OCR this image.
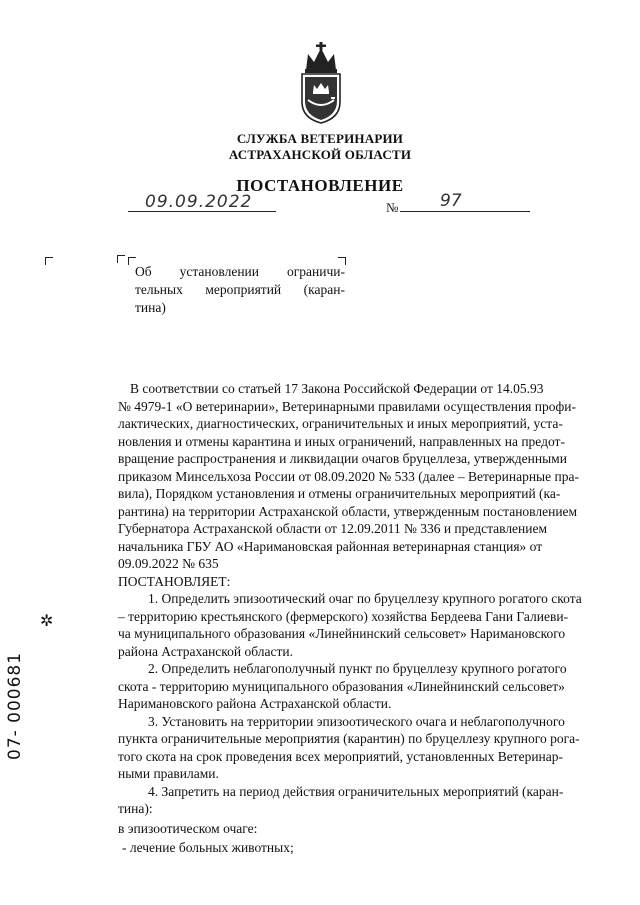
СЛУЖБА ВЕТЕРИНАРИИ
АСТРАХАНСКОЙ ОБЛАСТИ
ПОСТАНОВЛЕНИЕ
09.09.2022	№ 97
Об установлении ограничи-
тельных мероприятий (каран-
тина)
В соответствии со статьей 17 Закона Российской Федерации от 14.05.93
№ 4979-1 «О ветеринарии», Ветеринарными правилами осуществления профи-
лактических, диагностических, ограничительных и иных мероприятий, уста-
новления и отмены карантина и иных ограничений, направленных на предот-
вращение распространения и ликвидации очагов бруцеллеза, утвержденными
приказом Минсельхоза России от 08.09.2020 № 533 (далее – Ветеринарные пра-
вила), Порядком установления и отмены ограничительных мероприятий (ка-
рантина) на территории Астраханской области, утвержденным постановлением
Губернатора Астраханской области от 12.09.2011 № 336 и представлением
начальника ГБУ АО «Наримановская районная ветеринарная станция» от
09.09.2022 № 635
ПОСТАНОВЛЯЕТ:
1. Определить эпизоотический очаг по бруцеллезу крупного рогатого скота
– территорию крестьянского (фермерского) хозяйства Бердеева Гани Галиеви-
ча муниципального образования «Линейнинский сельсовет» Наримановского
района Астраханской области.
2. Определить неблагополучный пункт по бруцеллезу крупного рогатого
скота - территорию муниципального образования «Линейнинский сельсовет»
Наримановского района Астраханской области.
3. Установить на территории эпизоотического очага и неблагополучного
пункта ограничительные мероприятия (карантин) по бруцеллезу крупного рога-
того скота на срок проведения всех мероприятий, установленных Ветеринар-
ными правилами.
4. Запретить на период действия ограничительных мероприятий (каран-
тина):
в эпизоотическом очаге:
- лечение больных животных;
✲
07- 000681
